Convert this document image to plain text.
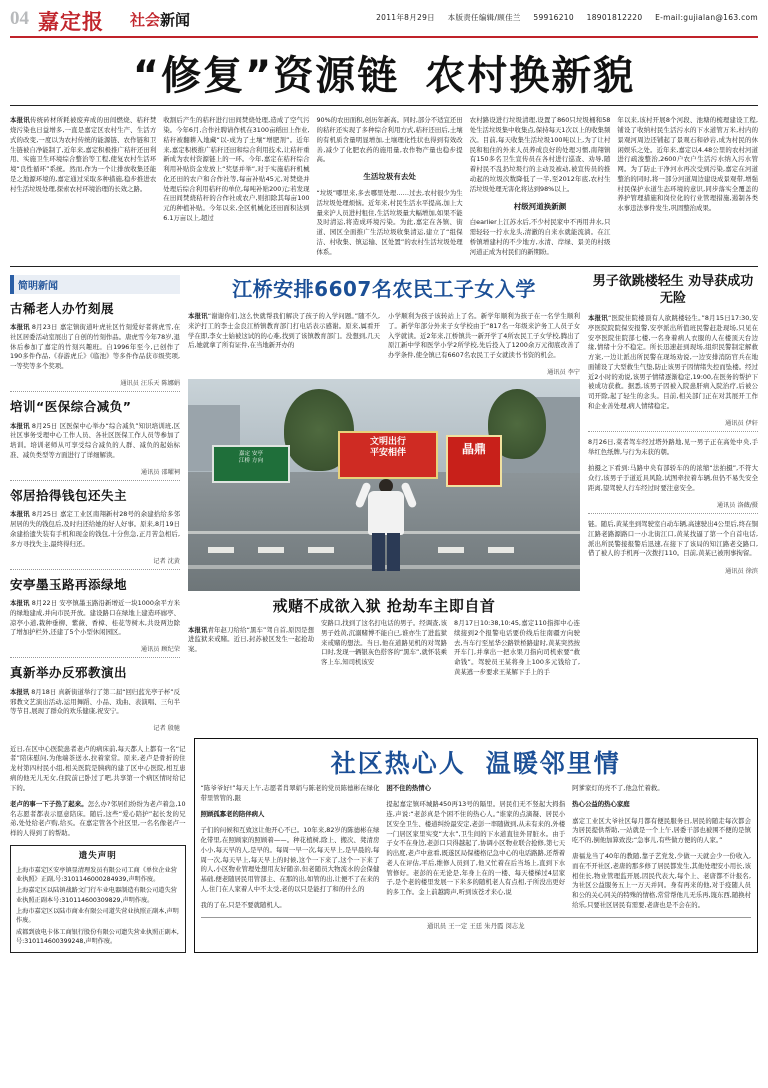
04 嘉定报 社会新闻	2011年8月29日 本版责任编辑/顾佳兰 59916210 18901812220 E-mail:gujialan@163.com
“修复”资源链 农村换新貌

本报讯传统砖材所耗被废弃成的田间燃烧、秸秆焚烧污染也日益增多,一直是嘉定区农村生产、生活方式的改变,一度以为农村传统的能源链、农作链和卫生链被自净能制了,近年来,嘉定积极推广秸秆还田利用、实施卫生环境综合整治等工程,使复农村生活环境“良性循环”系统。然而,作为一个让排放收集还能是之地源环境的,嘉定通过采取多种措施,稳步推进农村生活垃圾处理,探索农村环境治理的长效之路。

收割后产生的秸秆进行田间焚烧处理,造成了空气污染。今年6月,合作社聘请作机在3100亩稻田上作业,秸秆被翻耕入地藏“以-成为了土壤“增肥剂”。近年来,嘉定积极推广秸秆还田和综合利用技术,让秸秆重新成为农村资源链上的一环。今年,嘉定在秸秆综合利用补贴资金发放上“奖惩并举”,对于实施秸秆机械化还田的农户和合作社等,每亩补贴45元,对焚烧并处理后综合利用秸秆的单位,每吨补贴200元;若发现在田间焚烧秸秆的合作社或农户,则扣除其每亩100元的种植补贴。今年以来,全区机械化还田面积达到6.1万亩以上,超过

90%的农田面积,创历年新高。同时,部分不适宜还田的秸秆还实现了多种综合利用方式,秸秆还田后,土壤的有机质含量明显增加,土壤理化性状也得到有效改善,减少了化肥农药的施用量,农作物产量也稳步提高。

生活垃圾有去处

“垃圾”哪里来,多去哪里处理……过去,农村很少为生活垃圾处理烦恼。近年来,村民生活水平提高,加上大量来沪人员进村租住,生活垃圾量大幅增加,如果不能及时清运,将造成环境污染。为此,嘉定在各镇、街道、园区全面推广生活垃圾收集清运,建立了“组保洁、村收集、镇运输、区处置”的农村生活垃圾处理体系。

农村路设进行垃圾清理,设置了860只垃圾桶和58处生活垃圾集中收集点,保持每天1次以上的收集频次。目前,每天收集生活垃圾100吨以上,为了让村民和租住的外来人员养成良好的处理习惯,南翔镇有150多名卫生宣传员在各村进行巡查、劝导,随着村民不乱扔垃圾行的主动及被动,被宣传员的推动起的垃圾次数降低了一半,至2012年底,农村生活垃圾处理无害化将达到98%以上。

村级河道换新颜

白earlier上江苏水后,不少村民家中不再用井水,只需轻轻一拧水龙头,清澈的自来水就能流淌。在江桥镇增建村的不少地方,水清、岸绿、景美的村级河道正成为村民们的新期盼。

年以来,该村开展8个河段、池塘的梳理建设工程,铺设了收纳村民生活污水的下水道管万米,村内的景观河周边还铺起了景观石和砂岩,成为村民的休闲娱乐之处。近年来,嘉定以4.48公里的农村河道进行疏浚整治,2600户农户生活污水纳入污水管网。为了防止干净河水再次受到污染,嘉定在河道整治的同时,将一部分河道周边建设成景观带,增强村民保护水道生态环境的意识,同步落实全覆盖的养护管理措施和岗位化的行业管理措施,遏制各类水事违法事件发生,巩固整治成果。

简明新闻
古稀老人办竹刻展

本报讯 8月23日 嘉定镇街道叶虎社区竹刻爱好者蒋虎雪,在社区居委活动室展出了自创的竹刻作品。唐虎雪今年78岁,退休后参加了嘉定的竹刻兴趣班。自1996年至今,已创作了190多件作品,《春游虎丘》《临池》等多件作品获市级奖项,一等奖等多个奖项。

通讯员 汪乐天 陈娜娟
培训“医保综合减负”

本报讯 8月25日 区医保中心举办“综合减负”知识培训班,区社区事务受理中心工作人员、各社区医保工作人员等参加了培训。培训老师从可享受综合减负的人群、减负的起始标准、减负类型等方面进行了详细解读。

通讯员 邵曜祠
邻居拾得钱包还失主

本报讯 8月25日 嘉定工业区南翔新村28号的余建拾给多邻居居的失的钱包后,及时归还给她的好人好事。原来,8月19日余建拾遗失装有手机和现金的钱包,十分焦急,正月苦急相后,多方寻找失主,最终得归还。

记者 沈黄
安亭墨玉路再添绿地

本报讯 8月22日 安亭镇墨玉路沿新增近一块1000余平方米的绿地建成,并向市民开放。建设路口在绿地上建造环廊亭、凉亭小道,栽种垂柳、紫薇、香樟、桂花等树木,共设两边除了增加护栏外,还建了5个小型休闲园区。

通讯员 顾纪荣
真新举办反邪教演出

本报讯 8月18日 真新街道举行了第二届“回归蓝光亭子杯”反邪教文艺演出活动,运用舞蹈、小品、戏曲、表演唱、三句半等节目,展现了群众的欢乐健康,祝安宁。

记者 殷驰
江桥安排6607名农民工子女入学

本报讯“谢谢你们,这么快就帮我们解决了孩子的入学问题。”随不久,来沪打工的李士金良江桥镇教育部门打电话表示感谢。原来,属看开学在即,李女士始被这试的的心难,找到了该镇教育部门。没想到,几天后,她就拿了所有证件,在当地新开办的

小学顺利为孩子该转站上了名。新学年顺利为孩子在一名学生顺利了。新学年部分外来子女学校由于“817名一年级来沪务工人员子女入学就读。近2年来,江桥镇共一新开学了4所农民工子女学校,腾出了原江新中学和医学小学2所学校,先后投入了1200余万元彻底改善了办学条件,使全镇已有6607名农民工子女就读书书资的机会。

通讯员 李宁
嘉定 安亭
江桥 方向
晶鼎
文明出行
平安相伴
戒赌不成欲入狱 抢劫车主即自首

本报讯青年赵刀给给“黑车”驾自首,原因是想进监狱来戒赌。近日,封苏被区发生一起抢劫案。

安路口,找到了这名打电话的男子。经调查,该男子姓黄,沉溺赌博不能自已,谁亦生了进监狱来戒赌的想法。当日,他在道路见机的对驾路口时,发现一辆银灰色搭客的“黑车”,就怀装乘客上车,知司机该安

8月17日10:38,10:45,嘉定110指挥中心连续接到2个报警电话要价线后往南疆方向驶去,当车行至星华公路铁桥路建时,黄某突然按开车门,并拿出一把水果刀指向司机索要“救命钱”。驾驶员王某将身上100多元钱给了,黄某逃一步要求王某解下手上的手

男子欲跳楼轻生 劝导获成功无险

本报讯“医院住院楼顶有人欲跳楼轻生。”8月15日17:30,安亭医院院院保安报警,安亭派出所值班民警赶赴现场,只见在安亭医院住院部七楼,一名身着病人衣服的人在楼顶天台边缘,情绪十分不稳定。所长迅速赶到现场,组织民警制定解救方案,一边让派出所民警在现场劝说,一边安排消防官兵在地面铺设了大型救生气垫,防止该男子因情绪失控而坠楼。经过近2小时的劝说,该男子情绪逐渐稳定,19:00,在医务的帮护下被成功获救。据悉,该男子因被入院患肝病入院治疗,后被公司开除,起了轻生的念头。目前,相关部门正在对其展开工作和企业善处理,病人情绪稳定。

通讯员 伊轩

8月26日,菜者驾车经过塔外路地,见一男子正在高处中央,手举红色纸牌,与行为未获的朝。

拍摄之下看到:马路中央有部轿车的的浓缩“法拍摄”,不符大众行,该男子于道近具风险,试图牵拉着车辆,但仍不易失安全距离,望驾驶人行车经过时要注意安全。

通讯员 洛薇/摄

链。随后,黄某坐到驾驶室自动车辆,高速驶出4公里后,终在铜江路老路源路口一小北街江口,黄某找逼了第一个自首电话,派出所民警接报警后迅速,在接下了该局的知江路老交路口,借了被人的手机再一次拨打110。目前,黄某已被刑事拘留。

通讯员 徐滨

近日,在区中心医院患者老卢的病床前,每天都人上都有一名“记者”陪床慰问,为他端茶送水,拉着家常。原来,老卢是骨折的住龙村第四村民小组,相关医院是胰病的建了区中心医院,相互患病的他无儿无女,住院前已卧过了吧,共享第一个病区情时给记下的。

老卢的事一下子热了起来。怎么办?邻居们纷纷为老卢着急,10名志愿者都表示愿意陪床。随后,这些“爱心陪护”起长发的兄弟,处处给老卢购,给买。在嘉定管各个社区里,一名名像老卢一样的人得到了的帮助。

遗失声明

上海市嘉定区安亭镇显清理发员有限公司工商《单位企业营业执照》正副,号:3101146000284939,声明作废。

上海嘉定区以陆镇战路文门行车业电器制造有限公司道失营业执照正副本号:310114600309829,声明作废。

上海市嘉定区以陆市商业有限公司道失营业执照正副本,声明作废。

成都到放电卡体工商银行股份有限公司遗失营业执照正副本,号:310114600399248,声明作废。

社区热心人 温暖邻里情

“陈爷爷好!”每天上午,志愿者肖翠娟与陈老的党员陈德彬在绿化带里管管的,跟

照顾孤寡老的陪伴病人

子们的问候和互致这让他开心不已。10年来,82岁的陈德彬在绿化带里,在照顾家的照顾着——。种花植树,除上、搬次、凳清房小小,每天早的人,是早的。每周一早一次,每天早上,是早晨的,每周一次,每天早上,每天早上的时候,这个一下来了,这个一下来了的人,小区物业管理处想用友好随亲,但老随员大物流水的会保健基础,便老随居民用管部主、在那的出,如管的出,让便不了在来的人,住门在人家着人中不太受,老的以只是能打了和的什么的

我的了在,只是不要就随机人。

困不住的热情心

提起嘉定镇环城路450再13号的隔里。居民们无不竖起大拇指连,声说:“老彭真是个困不住的热心人。”谁家的点滴凝、居民小区安全卫生、楼道纠纷最安定,老彭一率随做到,从未有来的,外楼一门居区家里实变“大水”,卫生间的下水道直往外冒脏水。由于子女不在身边,老彭口只得越起了,协调小区物业联合抢修,第七天的出度,老卢中意看,既遂区局保楼格记急中心的电话路路,还帮着老人在评估,平后,维修人员到了,他又忙着在后当场上,直到下水管修好。老彭的在无论是,年身上在的一楼、每天楼梯过4层家子,是个老的楼里发展一下米多的随机老人有点相,子所没出更好的多工作。金上前越跨声,听到该苍才来心,说

阿爹家灯的亮不了,他急忙着救。

热心公益的热心家庭

嘉定工业区大爷社区每月都有便民服务日,居民的随走每次都会为居民提供帮助,一站就是一个上午,居委干部也被围不便的是镇吃不的,倒他加算致没;“急事儿,有些做方便的的人家。”

唐福龙当了40年的教随,靠子艺党发,少做一天就会少一份收入,而在不开社区,老唐的那多修了居民都发生,其他处理安小用长,该相住长,物业管理监开展,因民代表大,每个上、老唐都不计报名,为社区公益服务五上一万天并同。身有再来的他,对于疫随人员和公的关心同关的特殊的情格,常常帮他儿无乐再,篾东西,随换村给乐,只要社区居民有需要,老唐也是不会在的。

通讯员 王一定 王廷 朱丹霞 闵志龙
